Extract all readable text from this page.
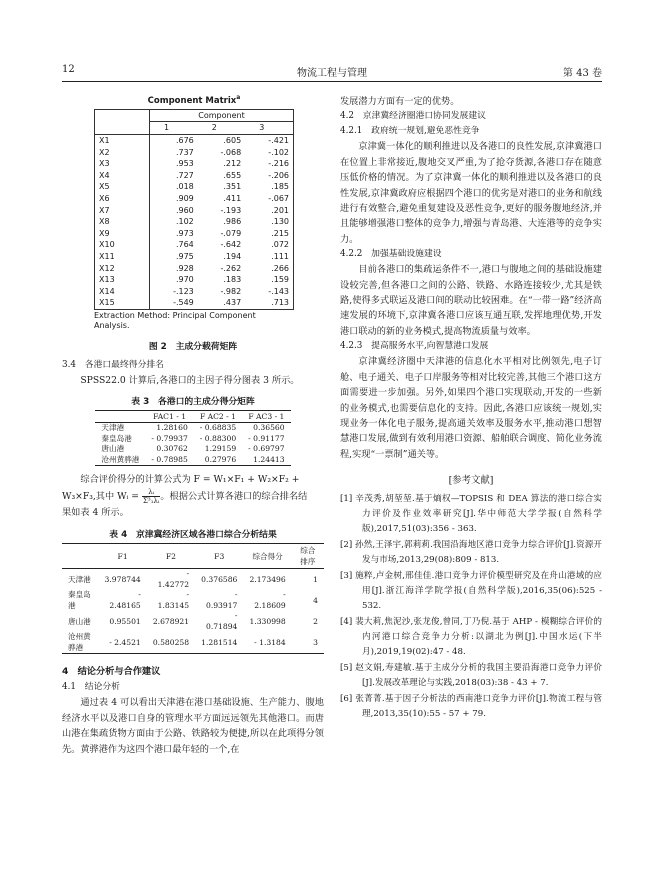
12	物流工程与管理	第 43 卷
Component Matrix$^a$
	Component		
	1	2	3
X1	.676	.605	-.421
X2	.737	-.068	-.102
X3	.953	.212	-.216
X4	.727	.655	-.206
X5	.018	.351	.185
X6	.909	.411	-.067
X7	.960	-.193	.201
X8	.102	.986	.130
X9	.973	-.079	.215
X10	.764	-.642	.072
X11	.975	.194	.111
X12	.928	-.262	.266
X13	.970	.183	.159
X14	-.123	-.982	-.143
X15	-.549	.437	.713
Extraction Method: Principal Component
Analysis.
图 2　主成分载荷矩阵

3.4　各港口最终得分排名

SPSS22.0 计算后,各港口的主因子得分图表 3 所示。

表 3　各港口的主成分得分矩阵
	FAC1 - 1	F AC2 - 1	F AC3 - 1
天津港	1.28160	- 0.68835	0.36560
秦皇岛港	- 0.79937	- 0.88300	- 0.91177
唐山港	0.30762	1.29159	- 0.69797
沧州黄骅港	- 0.78985	0.27976	1.24413

综合评价得分的计算公式为 F = W₁×F₁ + W₂×F₂ +

W₃×F₃,其中 Wᵢ = $\frac{\text{λᵢ}}{\text{Σ³₁λᵢ}}$ 。根据公式计算各港口的综合排名结

果如表 4 所示。

表 4　京津冀经济区域各港口综合分析结果
	F1	F2	F3	综合得分	综合排序
天津港	3.978744	- 1.42772	0.376586	2.173496	1
秦皇岛港	- 2.48165	- 1.83145	- 0.93917	- 2.18609	4
唐山港	0.95501	2.678921	- 0.71894	1.330998	2
沧州黄骅港	- 2.4521	0.580258	1.281514	- 1.3184	3

4　结论分析与合作建议

4.1　结论分析

通过表 4 可以看出天津港在港口基础设施、生产能力、腹地经济水平以及港口自身的管理水平方面远远领先其他港口。而唐山港在集疏货物方面由于公路、铁路较为便捷,所以在此项得分领先。黄骅港作为这四个港口最年轻的一个,在

发展潜力方面有一定的优势。

4.2　京津冀经济圈港口协同发展建议

4.2.1　政府统一规划,避免恶性竞争

京津冀一体化的顺利推进以及各港口的良性发展,京津冀港口在位置上非常接近,腹地交叉严重,为了抢夺货源,各港口存在随意压低价格的情况。为了京津冀一体化的顺利推进以及各港口的良性发展,京津冀政府应根据四个港口的优劣是对港口的业务和航线进行有效整合,避免重复建设及恶性竞争,更好的服务腹地经济,并且能够增强港口整体的竞争力,增强与青岛港、大连港等的竞争实力。

4.2.2　加强基础设施建设

目前各港口的集疏运条件不一,港口与腹地之间的基础设施建设较完善,但各港口之间的公路、铁路、水路连接较少,尤其是铁路,使得多式联运及港口间的联动比较困难。在“一带一路”经济高速发展的环境下,京津冀各港口应该互通互联,发挥地理优势,开发港口联动的新的业务模式,提高物流质量与效率。

4.2.3　提高服务水平,向智慧港口发展

京津冀经济圈中天津港的信息化水平相对比例领先,电子订舱、电子通关、电子口岸服务等相对比较完善,其他三个港口这方面需要进一步加强。另外,如果四个港口实现联动,开发的一些新的业务模式,也需要信息化的支持。因此,各港口应该统一规划,实现业务一体化电子服务,提高通关效率及服务水平,推动港口想智慧港口发展,做到有效利用港口资源、船舶联合调度、简化业务流程,实现“一票制”通关等。

[参考文献]

[1] 辛茂秀,胡堃堃.基于熵权—TOPSIS 和 DEA 算法的港口综合实力评价及作业效率研究[J].华中师范大学学报(自然科学版),2017,51(03):356 - 363.

[2] 孙然,王泽宇,郭莉莉.我国沿海地区港口竞争力综合评价[J].资源开发与市场,2013,29(08):809 - 813.

[3] 施粹,卢金树,邢佳佳.港口竞争力评价模型研究及在舟山港域的应用[J].浙江海洋学院学报(自然科学版),2016,35(06):525 - 532.

[4] 裴大莉,焦泥沙,张龙俊,曾同,丁乃倪.基于 AHP - 模糊综合评价的内河港口综合竞争力分析:以湖北为例[J].中国水运(下半月),2019,19(02):47 - 48.

[5] 赵文娟,寿建敏.基于主成分分析的我国主要沿海港口竞争力评价[J].发展改革理论与实践,2018(03):38 - 43 + 7.

[6] 张菁菁.基于因子分析法的西南港口竞争力评价[J].物流工程与管理,2013,35(10):55 - 57 + 79.
